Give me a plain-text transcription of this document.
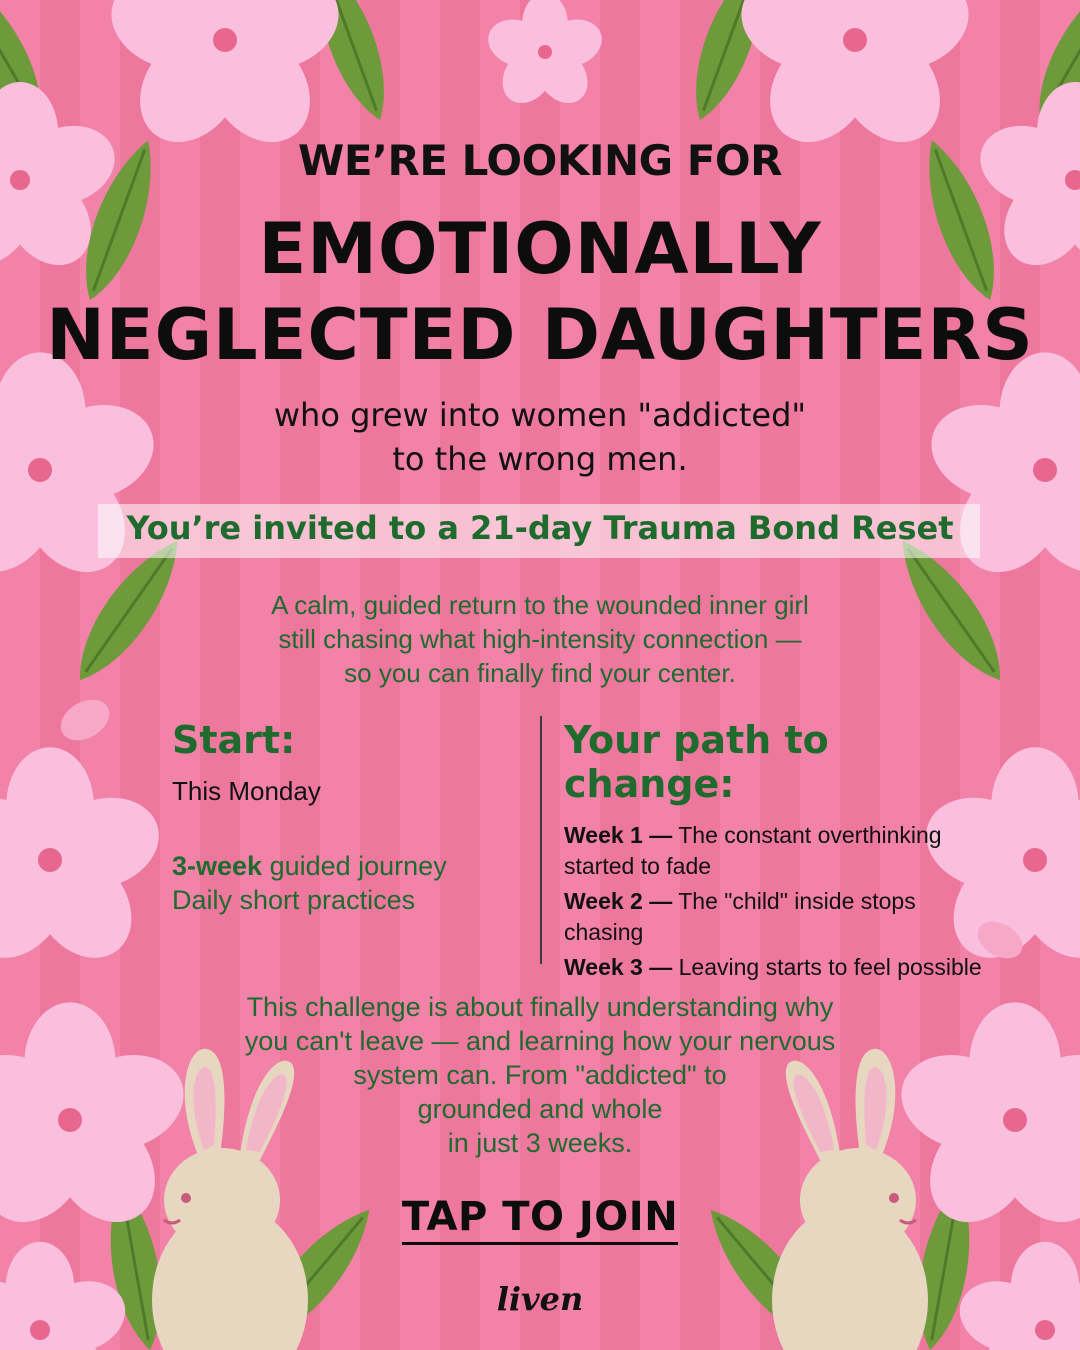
WE’RE LOOKING FOR

EMOTIONALLY
NEGLECTED DAUGHTERS
who grew into women "addicted"
to the wrong men.

You’re invited to a 21-day Trauma Bond Reset

A calm, guided return to the wounded inner girl
still chasing what high-intensity connection —
so you can finally find your center.

Start:

This Monday

3-week guided journey
Daily short practices

Your path to change:

Week 1 — The constant overthinking started to fade

Week 2 — The "child" inside stops chasing

Week 3 — Leaving starts to feel possible

This challenge is about finally understanding why
you can't leave — and learning how your nervous
system can. From "addicted" to
grounded and whole
in just 3 weeks.
TAP TO JOIN
liven
